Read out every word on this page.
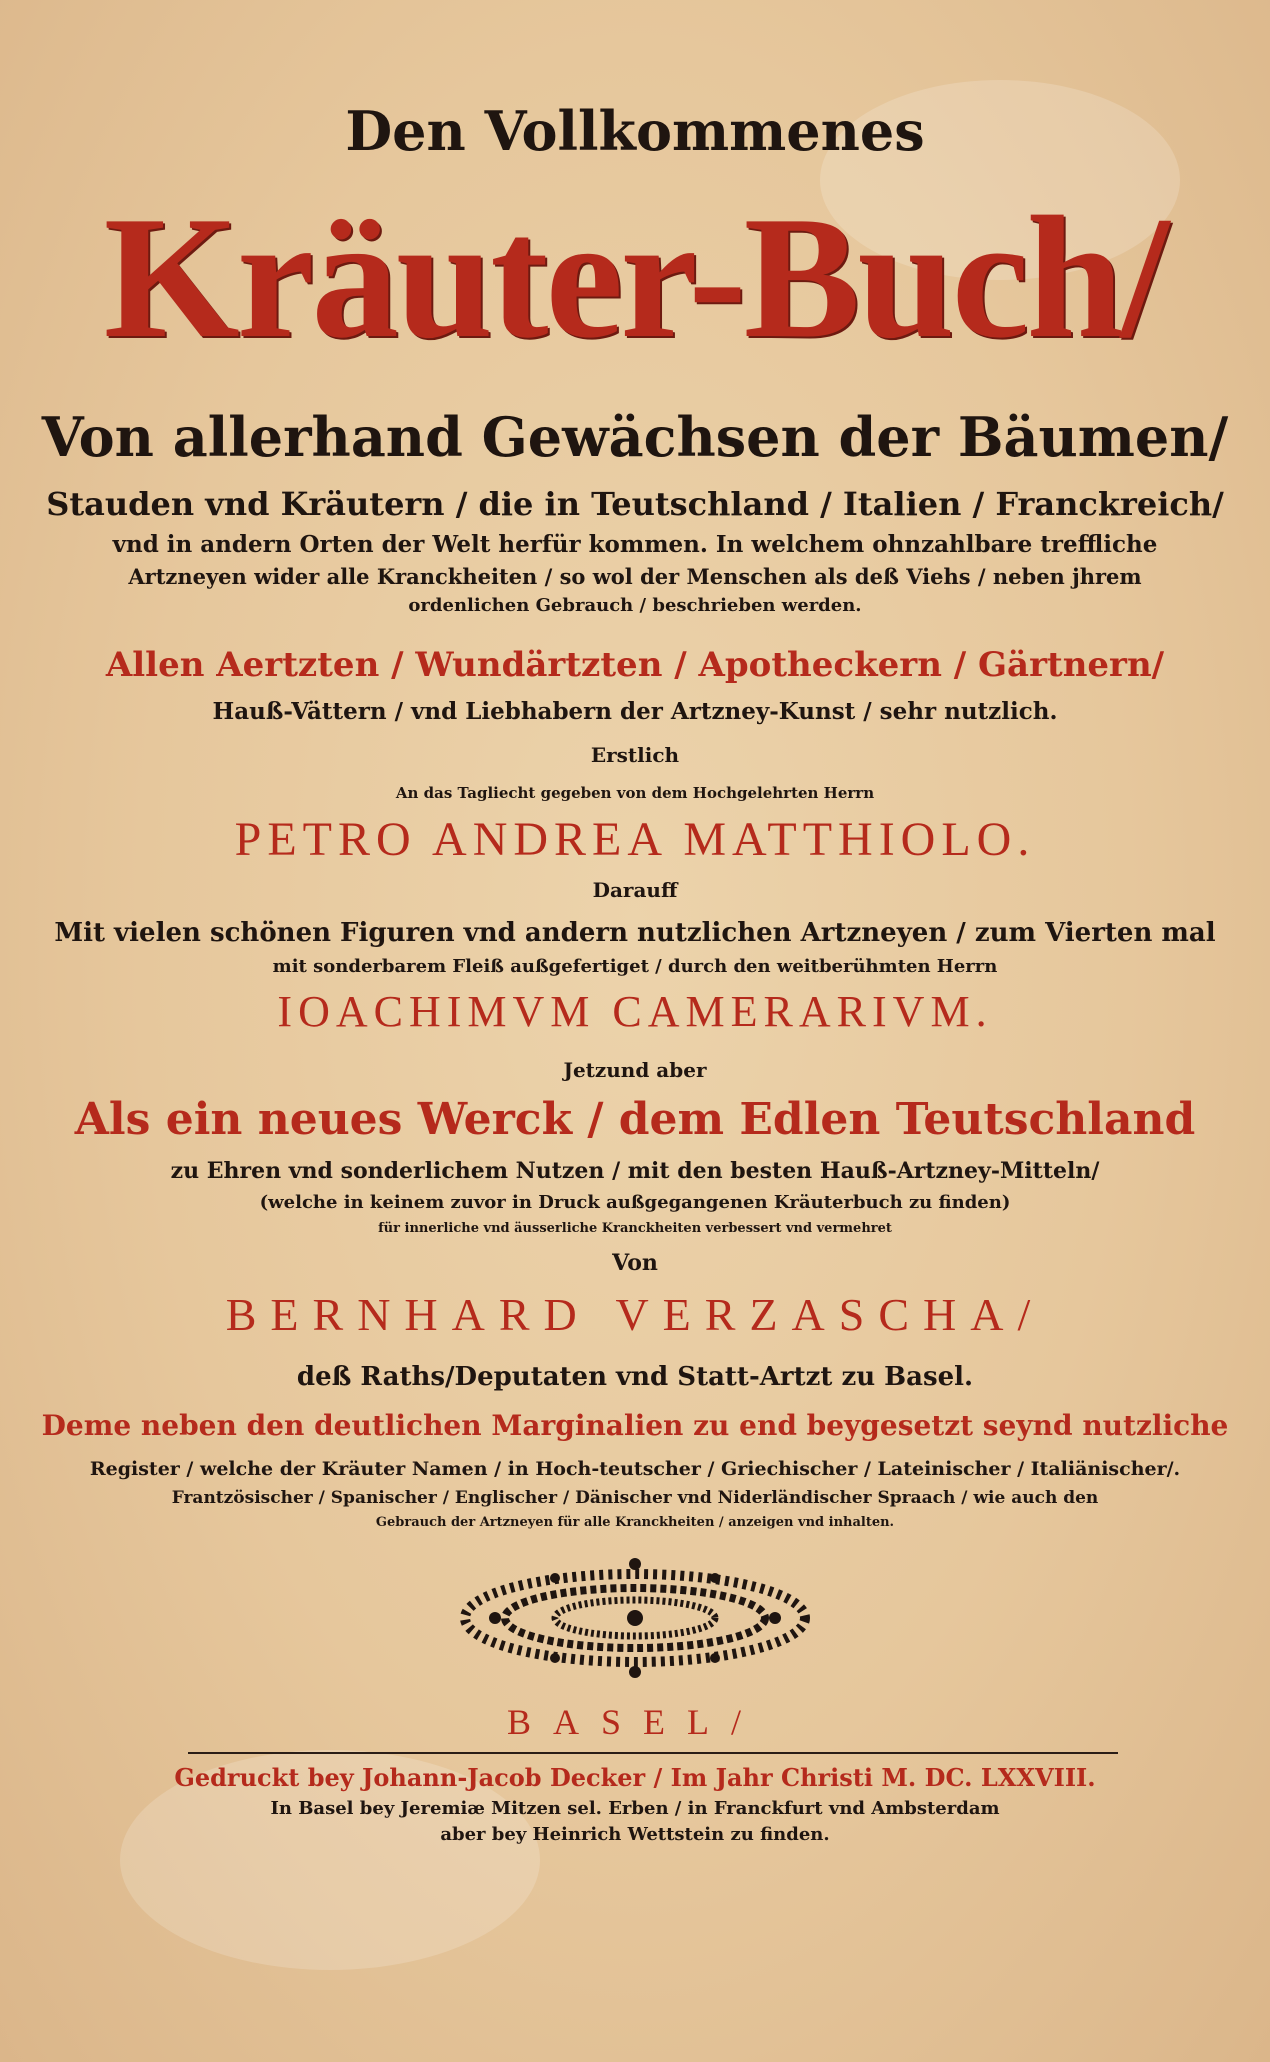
Den Vollkommenes
Kräuter-Buch/
Von allerhand Gewächsen der Bäumen/
Stauden vnd Kräutern / die in Teutschland / Italien / Franckreich/
vnd in andern Orten der Welt herfür kommen. In welchem ohnzahlbare treffliche
Artzneyen wider alle Kranckheiten / so wol der Menschen als deß Viehs / neben jhrem
ordenlichen Gebrauch / beschrieben werden.
Allen Aertzten / Wundärtzten / Apotheckern / Gärtnern/
Hauß-Vättern / vnd Liebhabern der Artzney-Kunst / sehr nutzlich.
Erstlich
An das Tagliecht gegeben von dem Hochgelehrten Herrn
PETRO ANDREA MATTHIOLO.
Darauff
Mit vielen schönen Figuren vnd andern nutzlichen Artzneyen / zum Vierten mal
mit sonderbarem Fleiß außgefertiget / durch den weitberühmten Herrn
IOACHIMVM CAMERARIVM.
Jetzund aber
Als ein neues Werck / dem Edlen Teutschland
zu Ehren vnd sonderlichem Nutzen / mit den besten Hauß-Artzney-Mitteln/
(welche in keinem zuvor in Druck außgegangenen Kräuterbuch zu finden)
für innerliche vnd äusserliche Kranckheiten verbessert vnd vermehret
Von
BERNHARD VERZASCHA/
deß Raths/Deputaten vnd Statt-Artzt zu Basel.
Deme neben den deutlichen Marginalien zu end beygesetzt seynd nutzliche
Register / welche der Kräuter Namen / in Hoch-teutscher / Griechischer / Lateinischer / Italiänischer/.
Frantzösischer / Spanischer / Englischer / Dänischer vnd Niderländischer Spraach / wie auch den
Gebrauch der Artzneyen für alle Kranckheiten / anzeigen vnd inhalten.
BASEL/
Gedruckt bey Johann-Jacob Decker / Im Jahr Christi M. DC. LXXVIII.
In Basel bey Jeremiæ Mitzen sel. Erben / in Franckfurt vnd Ambsterdam
aber bey Heinrich Wettstein zu finden.
